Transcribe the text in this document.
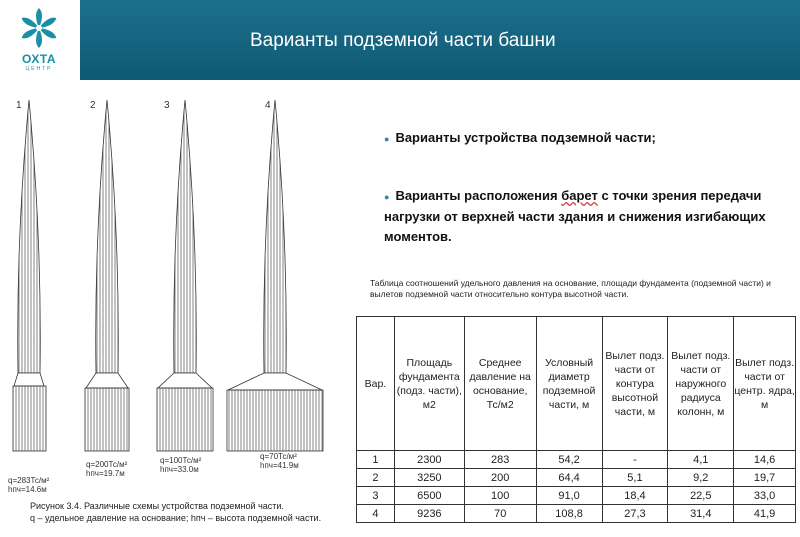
Варианты подземной части башни
ОХТА
ЦЕНТР
1	2	3	4
q=283Тс/м²
hпч=14.6м
q=200Тс/м²
hпч=19.7м
q=100Тс/м²
hпч=33.0м
q=70Тс/м²
hпч=41.9м
Рисунок 3.4. Различные схемы устройства подземной части.
q – удельное давление на основание; hпч – высота подземной части.
● Варианты устройства подземной части;
● Варианты расположения барет с точки зрения передачи нагрузки от верхней части здания и снижения изгибающих моментов.
Таблица соотношений удельного давления на основание, площади фундамента (подземной части) и вылетов подземной части относительно контура высотной части.
Вар.	Площадь фундамента (подз. части), м2	Среднее давление на основание, Тс/м2	Условный диаметр подземной части, м	Вылет подз. части от контура высотной части, м	Вылет подз. части от наружного радиуса колонн, м	Вылет подз. части от центр. ядра, м
1	2300	283	54,2	-	4,1	14,6
2	3250	200	64,4	5,1	9,2	19,7
3	6500	100	91,0	18,4	22,5	33,0
4	9236	70	108,8	27,3	31,4	41,9
